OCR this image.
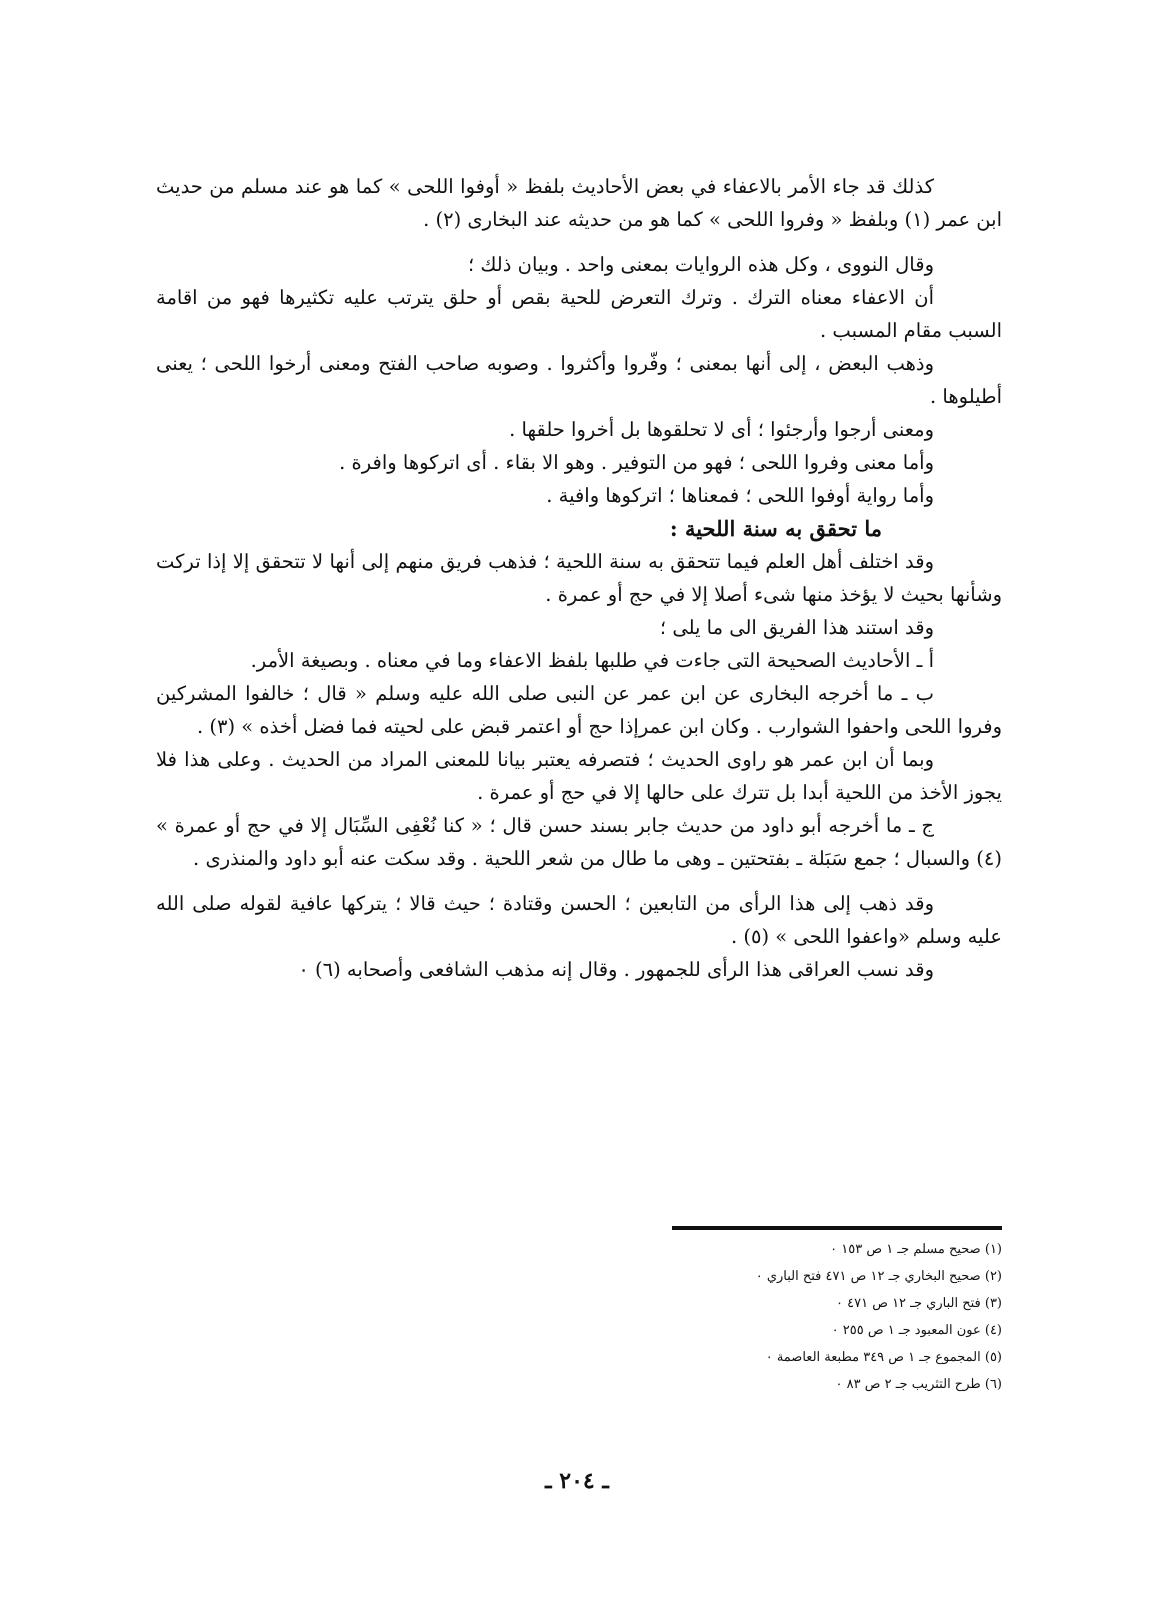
كذلك قد جاء الأمر بالاعفاء في بعض الأحاديث بلفظ « أوفوا اللحى » كما هو عند مسلم من حديث ابن عمر (١) وبلفظ « وفروا اللحى » كما هو من حديثه عند البخارى (٢) .

وقال النووى ، وكل هذه الروايات بمعنى واحد . وبيان ذلك ؛

أن الاعفاء معناه الترك . وترك التعرض للحية بقص أو حلق يترتب عليه تكثيرها فهو من اقامة السبب مقام المسبب .

وذهب البعض ، إلى أنها بمعنى ؛ وفّروا وأكثروا . وصوبه صاحب الفتح ومعنى أرخوا اللحى ؛ يعنى أطيلوها .

ومعنى أرجوا وأرجئوا ؛ أى لا تحلقوها بل أخروا حلقها .

وأما معنى وفروا اللحى ؛ فهو من التوفير . وهو الا بقاء . أى اتركوها وافرة .

وأما رواية أوفوا اللحى ؛ فمعناها ؛ اتركوها وافية .

ما تحقق به سنة اللحية :

وقد اختلف أهل العلم فيما تتحقق به سنة اللحية ؛ فذهب فريق منهم إلى أنها لا تتحقق إلا إذا تركت وشأنها بحيث لا يؤخذ منها شىء أصلا إلا في حج أو عمرة .

وقد استند هذا الفريق الى ما يلى ؛

أ ـ الأحاديث الصحيحة التى جاءت في طلبها بلفظ الاعفاء وما في معناه . وبصيغة الأمر.

ب ـ ما أخرجه البخارى عن ابن عمر عن النبى صلى الله عليه وسلم « قال ؛ خالفوا المشركين وفروا اللحى واحفوا الشوارب . وكان ابن عمرإذا حج أو اعتمر قبض على لحيته فما فضل أخذه » (٣) .

وبما أن ابن عمر هو راوى الحديث ؛ فتصرفه يعتبر بيانا للمعنى المراد من الحديث . وعلى هذا فلا يجوز الأخذ من اللحية أبدا بل تترك على حالها إلا في حج أو عمرة .

ج ـ ما أخرجه أبو داود من حديث جابر بسند حسن قال ؛ « كنا نُعْفِى السِّبَال إلا في حج أو عمرة » (٤) والسبال ؛ جمع سَبَلة ـ بفتحتين ـ وهى ما طال من شعر اللحية . وقد سكت عنه أبو داود والمنذرى .

وقد ذهب إلى هذا الرأى من التابعين ؛ الحسن وقتادة ؛ حيث قالا ؛ يتركها عافية لقوله صلى الله عليه وسلم «واعفوا اللحى » (٥) .

وقد نسب العراقى هذا الرأى للجمهور . وقال إنه مذهب الشافعى وأصحابه (٦) ٠

(١) صحيح مسلم جـ ١ ص ١٥٣ ٠

(٢) صحيح البخاري جـ ١٢ ص ٤٧١ فتح الباري ٠

(٣) فتح الباري جـ ١٢ ص ٤٧١ ٠

(٤) عون المعبود جـ ١ ص ٢٥٥ ٠

(٥) المجموع جـ ١ ص ٣٤٩ مطبعة العاصمة ٠

(٦) طرح التثريب جـ ٢ ص ٨٣ ٠

ـ ٢٠٤ ـ
